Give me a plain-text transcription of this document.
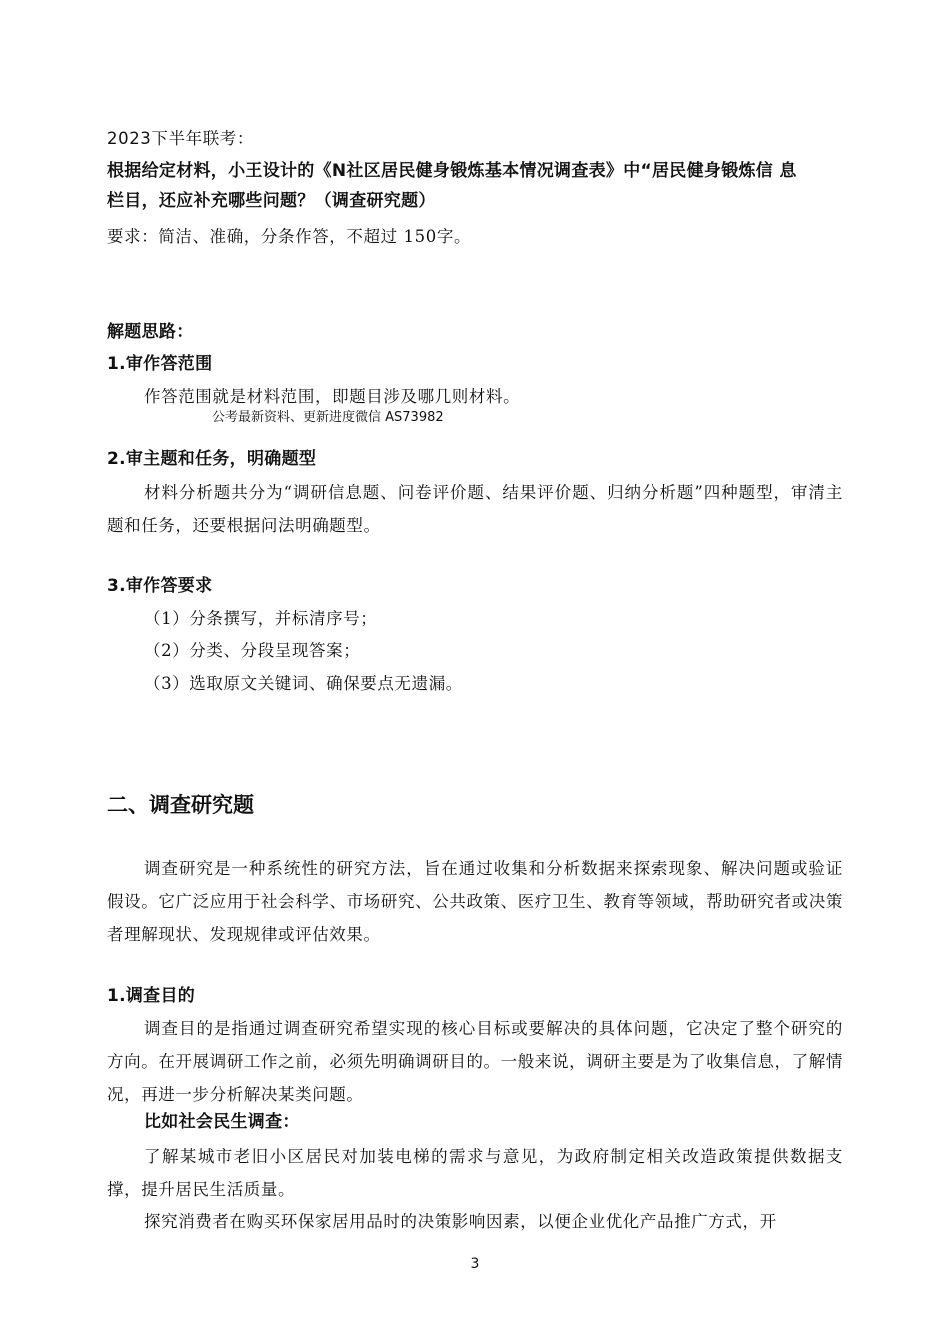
2023下半年联考：
根据给定材料，小王设计的《N社区居民健身锻炼基本情况调查表》中“居民健身锻炼信 息
栏目，还应补充哪些问题？（调查研究题）
要求：简洁、准确，分条作答，不超过 150字。
解题思路：
1.审作答范围
作答范围就是材料范围，即题目涉及哪几则材料。
公考最新资料、更新进度微信 AS73982
2.审主题和任务，明确题型
材料分析题共分为“调研信息题、问卷评价题、结果评价题、归纳分析题”四种题型，审清主题和任务，还要根据问法明确题型。
3.审作答要求
（1）分条撰写，并标清序号；
（2）分类、分段呈现答案；
（3）选取原文关键词、确保要点无遗漏。
二、调查研究题
调查研究是一种系统性的研究方法，旨在通过收集和分析数据来探索现象、解决问题或验证假设。它广泛应用于社会科学、市场研究、公共政策、医疗卫生、教育等领域，帮助研究者或决策者理解现状、发现规律或评估效果。
1.调查目的
调查目的是指通过调查研究希望实现的核心目标或要解决的具体问题，它决定了整个研究的方向。在开展调研工作之前，必须先明确调研目的。一般来说，调研主要是为了收集信息，了解情况，再进一步分析解决某类问题。
比如社会民生调查：
了解某城市老旧小区居民对加装电梯的需求与意见，为政府制定相关改造政策提供数据支撑，提升居民生活质量。
探究消费者在购买环保家居用品时的决策影响因素，以便企业优化产品推广方式，开
3
